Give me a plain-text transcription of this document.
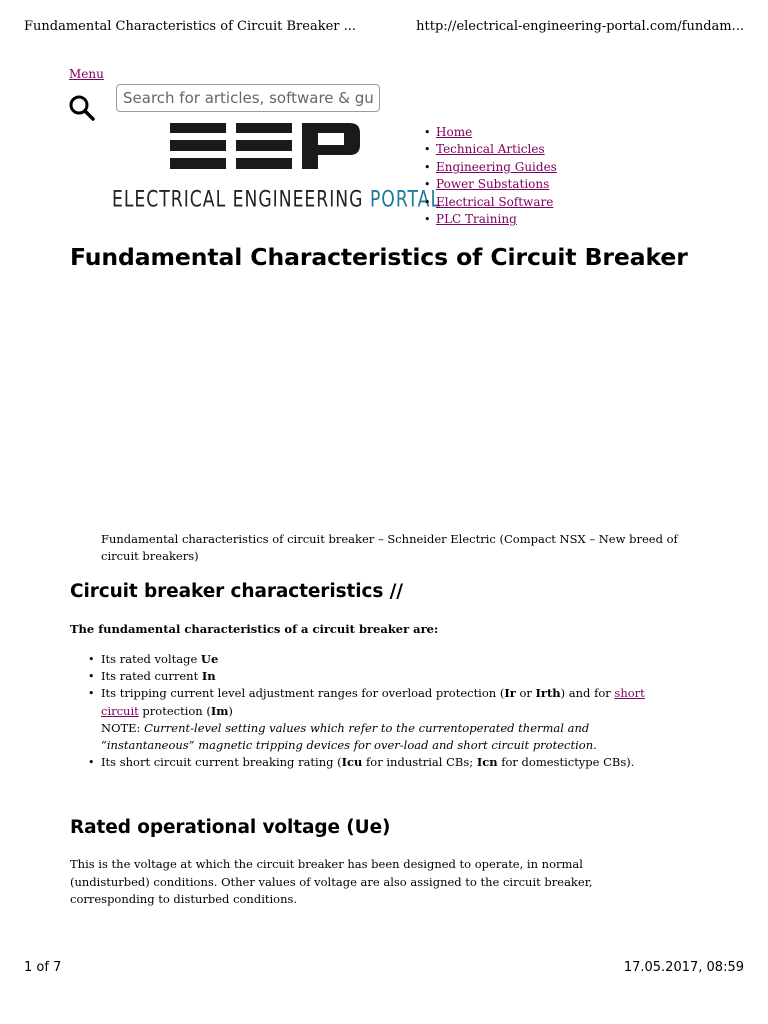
Fundamental Characteristics of Circuit Breaker ...	http://electrical-engineering-portal.com/fundam...
Menu
Search for articles, software & guides
ELECTRICAL ENGINEERING PORTAL
• Home
• Technical Articles
• Engineering Guides
• Power Substations
• Electrical Software
• PLC Training
Fundamental Characteristics of Circuit Breaker
Fundamental characteristics of circuit breaker – Schneider Electric (Compact NSX – New breed of circuit breakers)
Circuit breaker characteristics //
The fundamental characteristics of a circuit breaker are:
• Its rated voltage Ue
• Its rated current In
• Its tripping current level adjustment ranges for overload protection (Ir or Irth) and for short circuit protection (Im)
NOTE: Current-level setting values which refer to the currentoperated thermal and “instantaneous” magnetic tripping devices for over-load and short circuit protection.
• Its short circuit current breaking rating (Icu for industrial CBs; Icn for domestictype CBs).
Rated operational voltage (Ue)
This is the voltage at which the circuit breaker has been designed to operate, in normal (undisturbed) conditions. Other values of voltage are also assigned to the circuit breaker, corresponding to disturbed conditions.
1 of 7	17.05.2017, 08:59
